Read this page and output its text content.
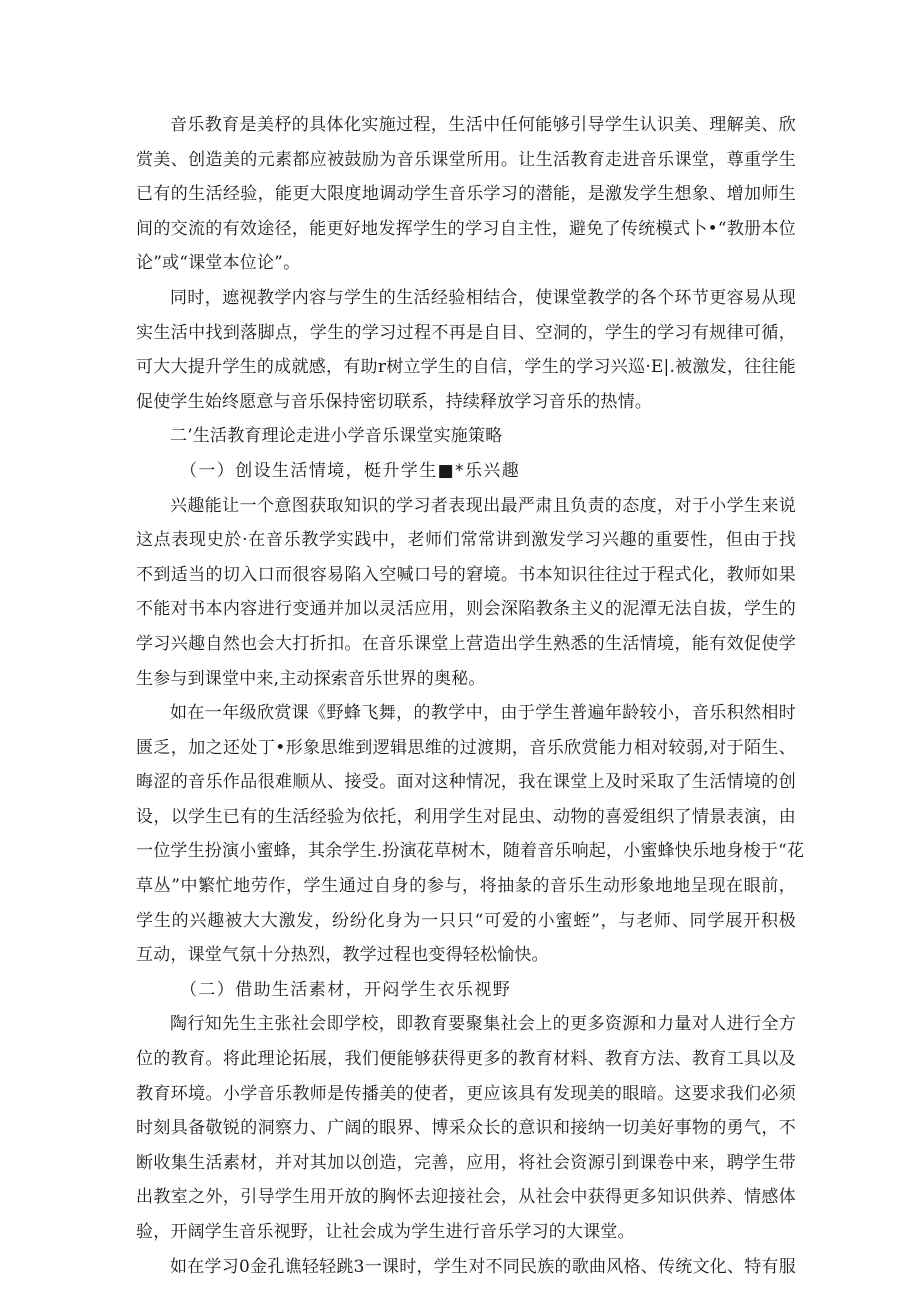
音乐教育是美杼的具体化实施过程，生活中任何能够引导学生认识美、理解美、欣
赏美、创造美的元素都应被鼓励为音乐课堂所用。让生活教育走进音乐课堂，尊重学生
已有的生活经验，能更大限度地调动学生音乐学习的潜能，是激发学生想象、增加师生
间的交流的有效途径，能更好地发挥学生的学习自主性，避免了传统模式卜•“教册本位
论”或“课堂本位论”。
同时，遮视教学内容与学生的生活经验相结合，使课堂教学的各个环节更容易从现
实生活中找到落脚点，学生的学习过程不再是自目、空洞的，学生的学习有规律可循，
可大大提升学生的成就感，有助r树立学生的自信，学生的学习兴巡·E|.被激发，往往能
促使学生始终愿意与音乐保持密切联系，持续释放学习音乐的热情。
二’生活教育理论走进小学音乐课堂实施策略
（一）创设生活情境，梃升学生■*乐兴趣
兴趣能让一个意图获取知识的学习者表现出最严肃且负责的态度，对于小学生来说
这点表现史於·在音乐教学实践中，老师们常常讲到激发学习兴趣的重要性，但由于找
不到适当的切入口而很容易陷入空喊口号的窘境。书本知识往往过于程式化，教师如果
不能对书本内容进行变通并加以灵活应用，则会深陷教条主义的泥潭无法自拔，学生的
学习兴趣自然也会大打折扣。在音乐课堂上营造出学生熟悉的生活情境，能有效促使学
生参与到课堂中来,主动探索音乐世界的奥秘。
如在一年级欣赏课《野蜂飞舞，的教学中，由于学生普遍年龄较小，音乐积然相时
匮乏，加之还处丁•形象思维到逻辑思维的过渡期，音乐欣赏能力相对较弱,对于陌生、
晦涩的音乐作品很难顺从、接受。面对这种情况，我在课堂上及时采取了生活情境的创
设，以学生已有的生活经验为依托，利用学生对昆虫、动物的喜爱组织了情景表演，由
一位学生扮演小蜜蜂，其余学生.扮演花草树木，随着音乐响起，小蜜蜂快乐地身梭于“花
草丛”中繁忙地劳作，学生通过自身的参与，将抽彖的音乐生动形象地地呈现在眼前，
学生的兴趣被大大激发，纷纷化身为一只只“可爱的小蜜蛭”，与老师、同学展开积极
互动，课堂气氛十分热烈，教学过程也变得轻松愉快。
（二）借助生活素材，开闷学生衣乐视野
陶行知先生主张社会即学校，即教育要聚集社会上的更多资源和力量对人进行全方
位的教育。将此理论拓展，我们便能够获得更多的教育材料、教育方法、教育工具以及
教育环境。小学音乐教师是传播美的使者，更应该具有发现美的眼暗。这要求我们必须
时刻具备敬锐的洞察力、广阔的眼界、博采众长的意识和接纳一切美好事物的勇气，不
断收集生活素材，并对其加以创造，完善，应用，将社会资源引到课卷中来，聘学生带
出教室之外，引导学生用开放的胸怀去迎接社会，从社会中获得更多知识供养、情感体
验，开阔学生音乐视野，让社会成为学生进行音乐学习的大课堂。
如在学习0金孔谯轻轻跳3一课时，学生对不同民族的歌曲风格、传统文化、特有服
